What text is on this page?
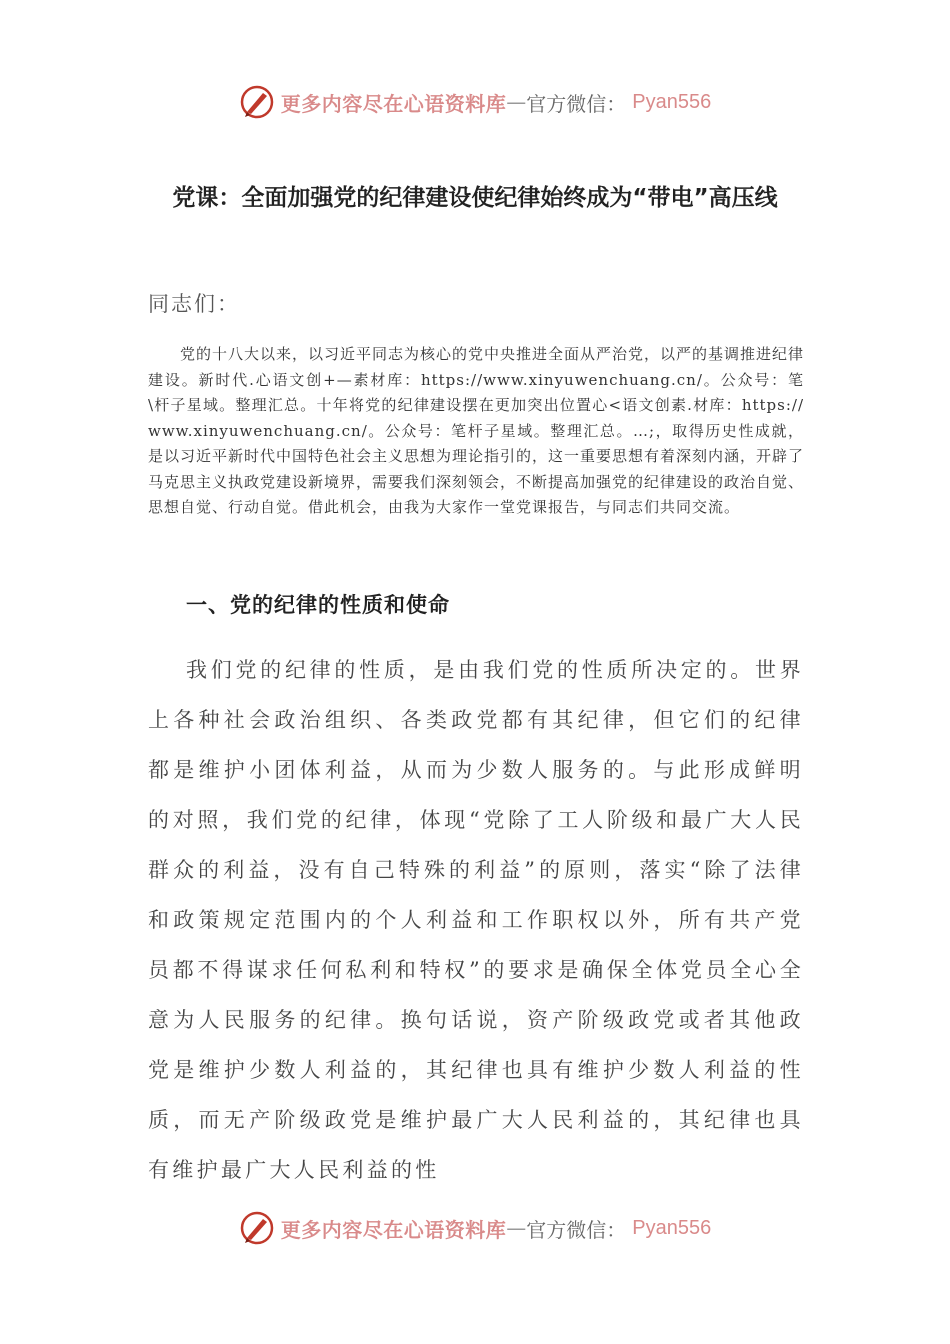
更多内容尽在心语资料库 — 官方微信： Pyan556
党课：全面加强党的纪律建设使纪律始终成为“带电”高压线
同志们：
党的十八大以来，以习近平同志为核心的党中央推进全面从严治党，以严的基调推进纪律建设。新时代.心语文创+—素材库：https://www.xinyuwenchuang.cn/。公众号：笔\杆子星域。整理汇总。十年将党的纪律建设摆在更加突出位置心<语文创素.材库：https://www.xinyuwenchuang.cn/。公众号：笔杆子星域。整理汇总。…;，取得历史性成就，是以习近平新时代中国特色社会主义思想为理论指引的，这一重要思想有着深刻内涵，开辟了马克思主义执政党建设新境界，需要我们深刻领会，不断提高加强党的纪律建设的政治自觉、思想自觉、行动自觉。借此机会，由我为大家作一堂党课报告，与同志们共同交流。
一、党的纪律的性质和使命
我们党的纪律的性质，是由我们党的性质所决定的。世界上各种社会政治组织、各类政党都有其纪律，但它们的纪律都是维护小团体利益，从而为少数人服务的。与此形成鲜明的对照，我们党的纪律，体现“党除了工人阶级和最广大人民群众的利益，没有自己特殊的利益”的原则，落实“除了法律和政策规定范围内的个人利益和工作职权以外，所有共产党员都不得谋求任何私利和特权”的要求是确保全体党员全心全意为人民服务的纪律。换句话说，资产阶级政党或者其他政党是维护少数人利益的，其纪律也具有维护少数人利益的性质，而无产阶级政党是维护最广大人民利益的，其纪律也具有维护最广大人民利益的性
更多内容尽在心语资料库 — 官方微信： Pyan556
